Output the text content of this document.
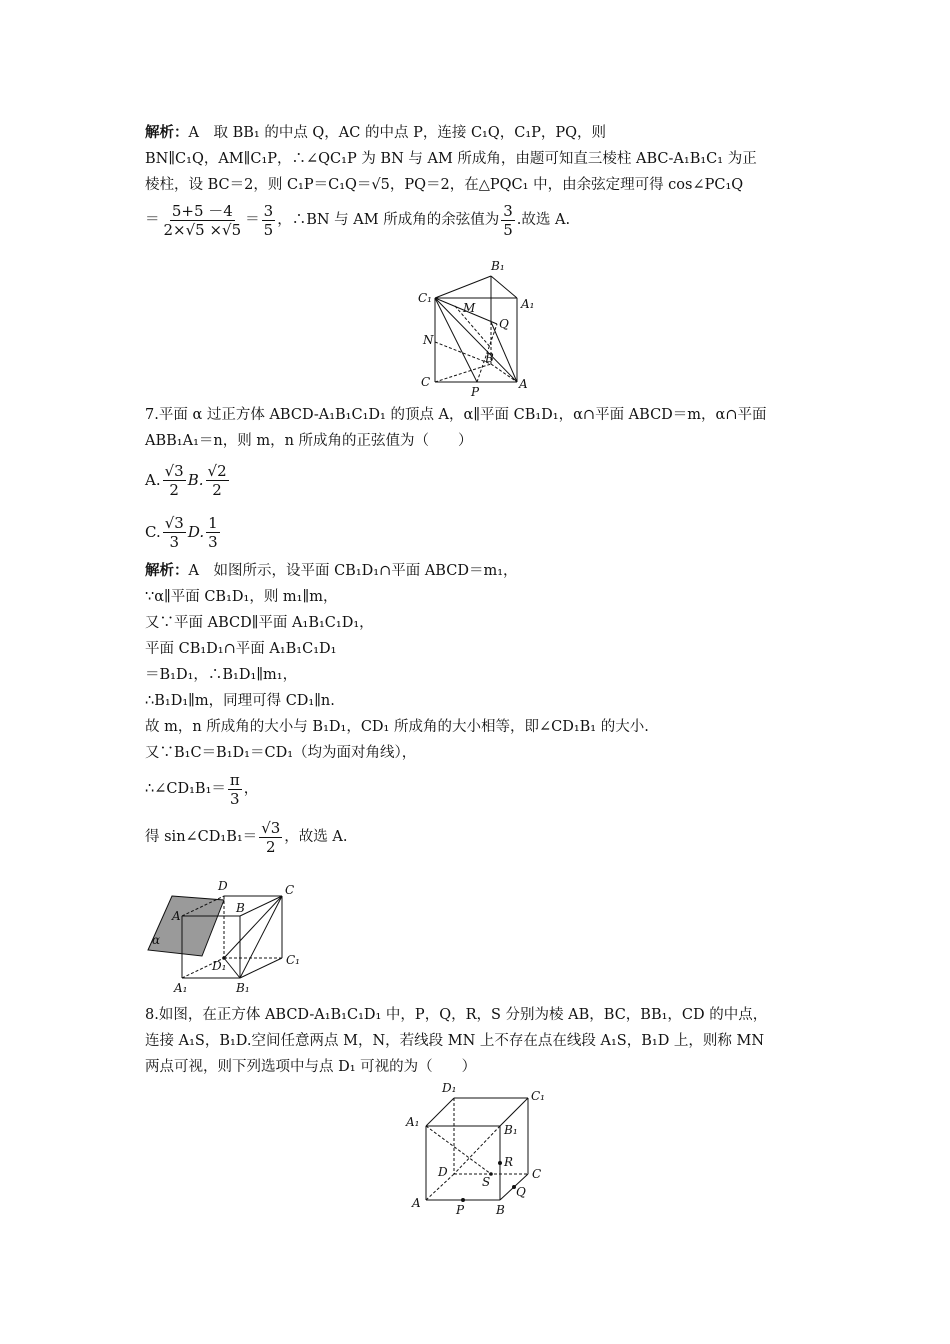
解析：A　取 BB₁ 的中点 Q，AC 的中点 P，连接 C₁Q，C₁P，PQ，则
BN∥C₁Q，AM∥C₁P，∴∠QC₁P 为 BN 与 AM 所成角，由题可知直三棱柱 ABC-A₁B₁C₁ 为正
棱柱，设 BC＝2，则 C₁P＝C₁Q＝√5，PQ＝2，在△PQC₁ 中，由余弦定理可得 cos∠PC₁Q
＝ $\frac{5+5 -4}{2\times√5 \times√5} = \frac{3}{5}$ ，∴BN 与 AM 所成角的余弦值为 $\frac{3}{5}$ .故选 A.
B₁
C₁	A₁
M
Q
N
B
C
P
A
7.平面 α 过正方体 ABCD-A₁B₁C₁D₁ 的顶点 A，α∥平面 CB₁D₁，α∩平面 ABCD＝m，α∩平面
ABB₁A₁＝n，则 m，n 所成角的正弦值为（　　）
A. $\frac{√3}{2} B$. $\frac{√2}{2}$
C. $\frac{√3}{3} D$. $\frac{1}{3}$
解析：A　如图所示，设平面 CB₁D₁∩平面 ABCD＝m₁，
∵α∥平面 CB₁D₁，则 m₁∥m，
又∵平面 ABCD∥平面 A₁B₁C₁D₁，
平面 CB₁D₁∩平面 A₁B₁C₁D₁
＝B₁D₁，∴B₁D₁∥m₁，
∴B₁D₁∥m，同理可得 CD₁∥n.
故 m，n 所成角的大小与 B₁D₁，CD₁ 所成角的大小相等，即∠CD₁B₁ 的大小.
又∵B₁C＝B₁D₁＝CD₁（均为面对角线），
∴∠CD₁B₁＝ $\frac{\pi}{3}$ ，
得 sin∠CD₁B₁＝ $\frac{√3}{2}$ ，故选 A.
D	C
A
B
α
D₁	C₁
A₁	B₁
8.如图，在正方体 ABCD-A₁B₁C₁D₁ 中，P，Q，R，S 分别为棱 AB，BC，BB₁，CD 的中点，
连接 A₁S，B₁D.空间任意两点 M，N，若线段 MN 上不存在点在线段 A₁S，B₁D 上，则称 MN
两点可视，则下列选项中与点 D₁ 可视的为（　　）
D₁
C₁
A₁
B₁
R
D	C
S
Q
A	P	B
